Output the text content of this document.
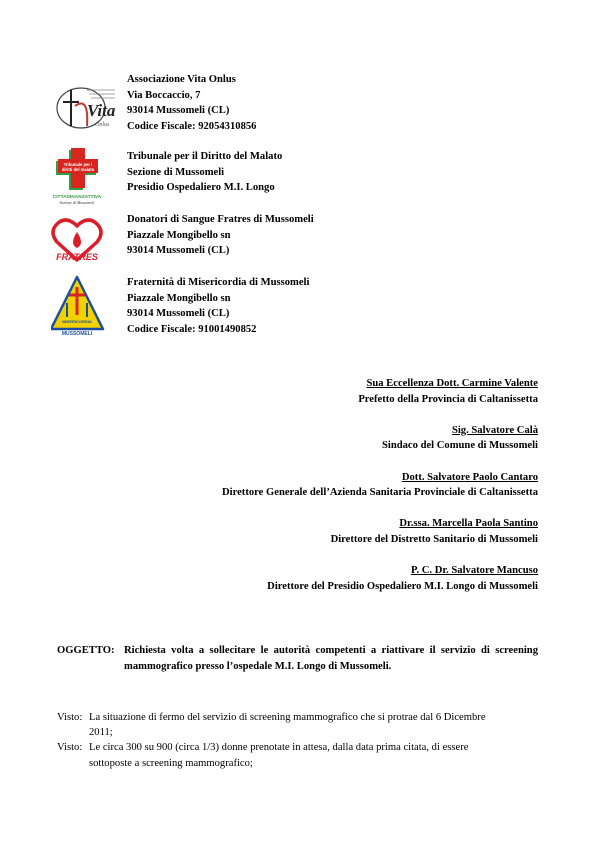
Vita
Onlus
Associazione Vita Onlus
Via Boccaccio, 7
93014 Mussomeli (CL)
Codice Fiscale: 92054310856
Tribunale per i
diritti del malato
CITTADINANZATTIVA
Sezione di Mussomeli
Tribunale per il Diritto del Malato
Sezione di Mussomeli
Presidio Ospedaliero M.I. Longo
FRATRES
Donatori di Sangue Fratres di Mussomeli
Piazzale Mongibello sn
93014 Mussomeli (CL)
MISERICORDIA
MUSSOMELI
Fraternità di Misericordia di Mussomeli
Piazzale Mongibello sn
93014 Mussomeli (CL)
Codice Fiscale: 91001490852
Sua Eccellenza Dott. Carmine Valente
Prefetto della Provincia di Caltanissetta
Sig. Salvatore Calà
Sindaco del Comune di Mussomeli
Dott. Salvatore Paolo Cantaro
Direttore Generale dell’Azienda Sanitaria Provinciale di Caltanissetta
Dr.ssa. Marcella Paola Santino
Direttore del Distretto Sanitario di Mussomeli
P. C. Dr. Salvatore Mancuso
Direttore del Presidio Ospedaliero M.I. Longo di Mussomeli
OGGETTO: Richiesta volta a sollecitare le autorità competenti a riattivare il servizio di screening mammografico presso l’ospedale M.I. Longo di Mussomeli.
Visto: La situazione di fermo del servizio di screening mammografico che si protrae dal 6 Dicembre 2011;
Visto: Le circa 300 su 900 (circa 1/3) donne prenotate in attesa, dalla data prima citata, di essere sottoposte a screening mammografico;
